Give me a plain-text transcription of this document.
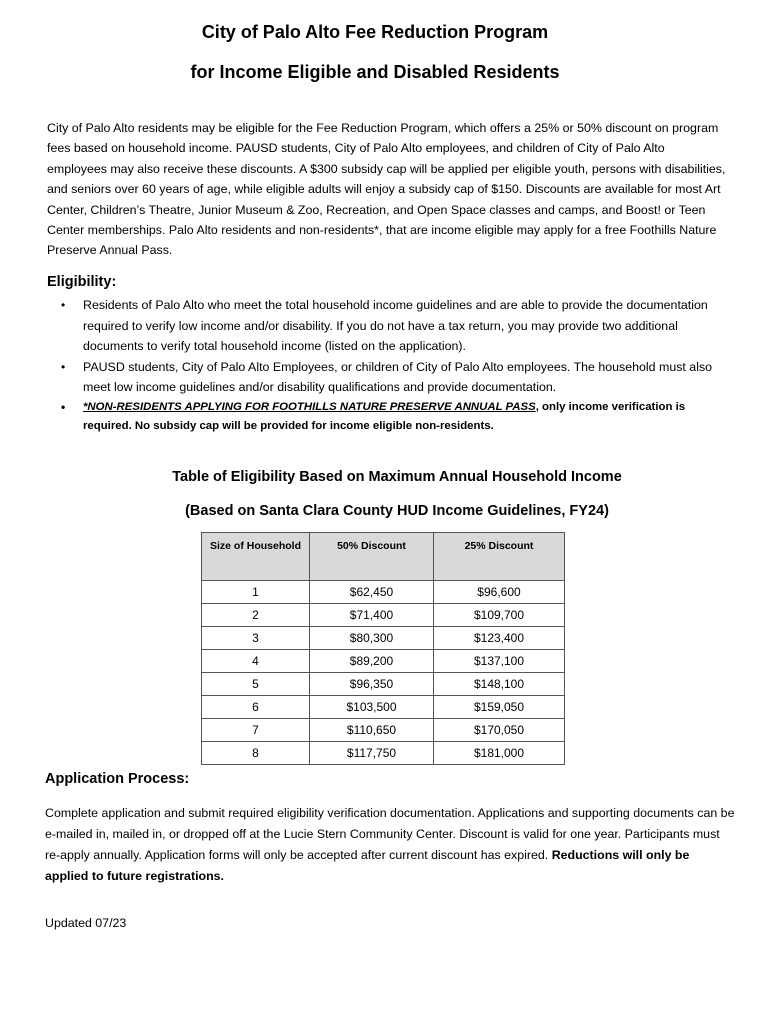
City of Palo Alto Fee Reduction Program
for Income Eligible and Disabled Residents

City of Palo Alto residents may be eligible for the Fee Reduction Program, which offers a 25% or 50% discount on program fees based on household income. PAUSD students, City of Palo Alto employees, and children of City of Palo Alto employees may also receive these discounts. A $300 subsidy cap will be applied per eligible youth, persons with disabilities, and seniors over 60 years of age, while eligible adults will enjoy a subsidy cap of $150. Discounts are available for most Art Center, Children’s Theatre, Junior Museum & Zoo, Recreation, and Open Space classes and camps, and Boost! or Teen Center memberships. Palo Alto residents and non-residents*, that are income eligible may apply for a free Foothills Nature Preserve Annual Pass.

Eligibility:
• Residents of Palo Alto who meet the total household income guidelines and are able to provide the documentation required to verify low income and/or disability. If you do not have a tax return, you may provide two additional documents to verify total household income (listed on the application).
• PAUSD students, City of Palo Alto Employees, or children of City of Palo Alto employees. The household must also meet low income guidelines and/or disability qualifications and provide documentation.
• *NON-RESIDENTS APPLYING FOR FOOTHILLS NATURE PRESERVE ANNUAL PASS, only income verification is required. No subsidy cap will be provided for income eligible non-residents.
Table of Eligibility Based on Maximum Annual Household Income
(Based on Santa Clara County HUD Income Guidelines, FY24)
Size of Household	50% Discount	25% Discount
1	$62,450	$96,600
2	$71,400	$109,700
3	$80,300	$123,400
4	$89,200	$137,100
5	$96,350	$148,100
6	$103,500	$159,050
7	$110,650	$170,050
8	$117,750	$181,000
Application Process:

Complete application and submit required eligibility verification documentation. Applications and supporting documents can be e-mailed in, mailed in, or dropped off at the Lucie Stern Community Center. Discount is valid for one year. Participants must re-apply annually. Application forms will only be accepted after current discount has expired. Reductions will only be applied to future registrations.

Updated 07/23
